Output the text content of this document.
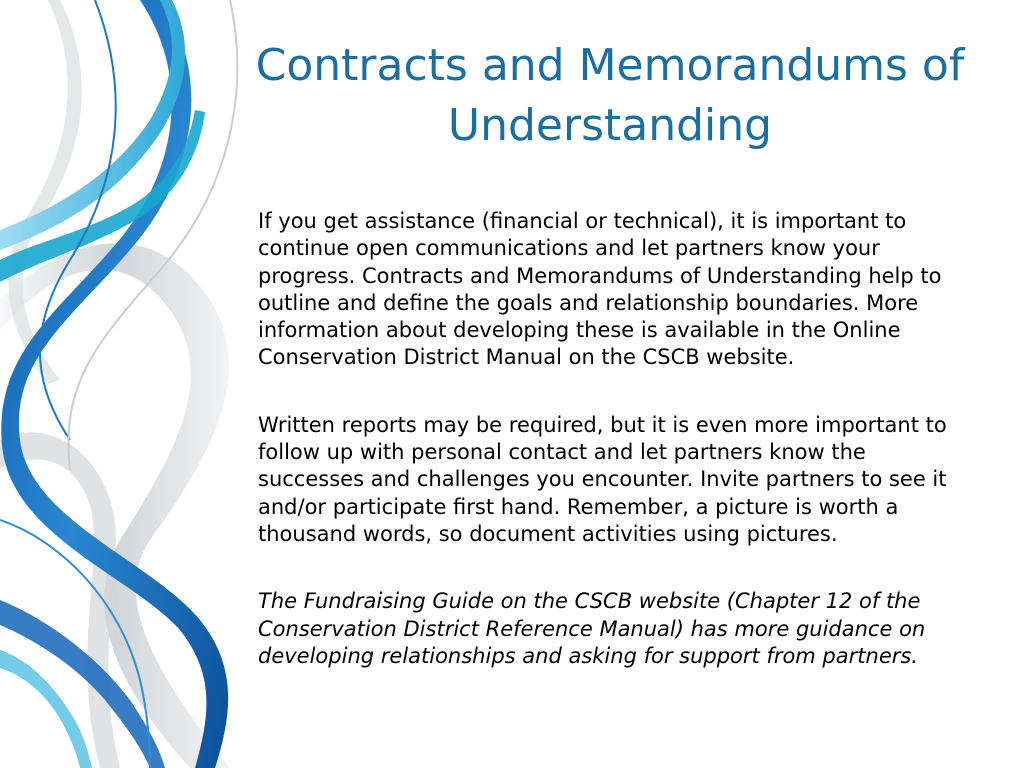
Contracts and Memorandums of Understanding

If you get assistance (financial or technical), it is important to continue open communications and let partners know your progress. Contracts and Memorandums of Understanding help to outline and define the goals and relationship boundaries. More information about developing these is available in the Online Conservation District Manual on the CSCB website.

Written reports may be required, but it is even more important to follow up with personal contact and let partners know the successes and challenges you encounter. Invite partners to see it and/or participate first hand. Remember, a picture is worth a thousand words, so document activities using pictures.

The Fundraising Guide on the CSCB website (Chapter 12 of the Conservation District Reference Manual) has more guidance on developing relationships and asking for support from partners.
